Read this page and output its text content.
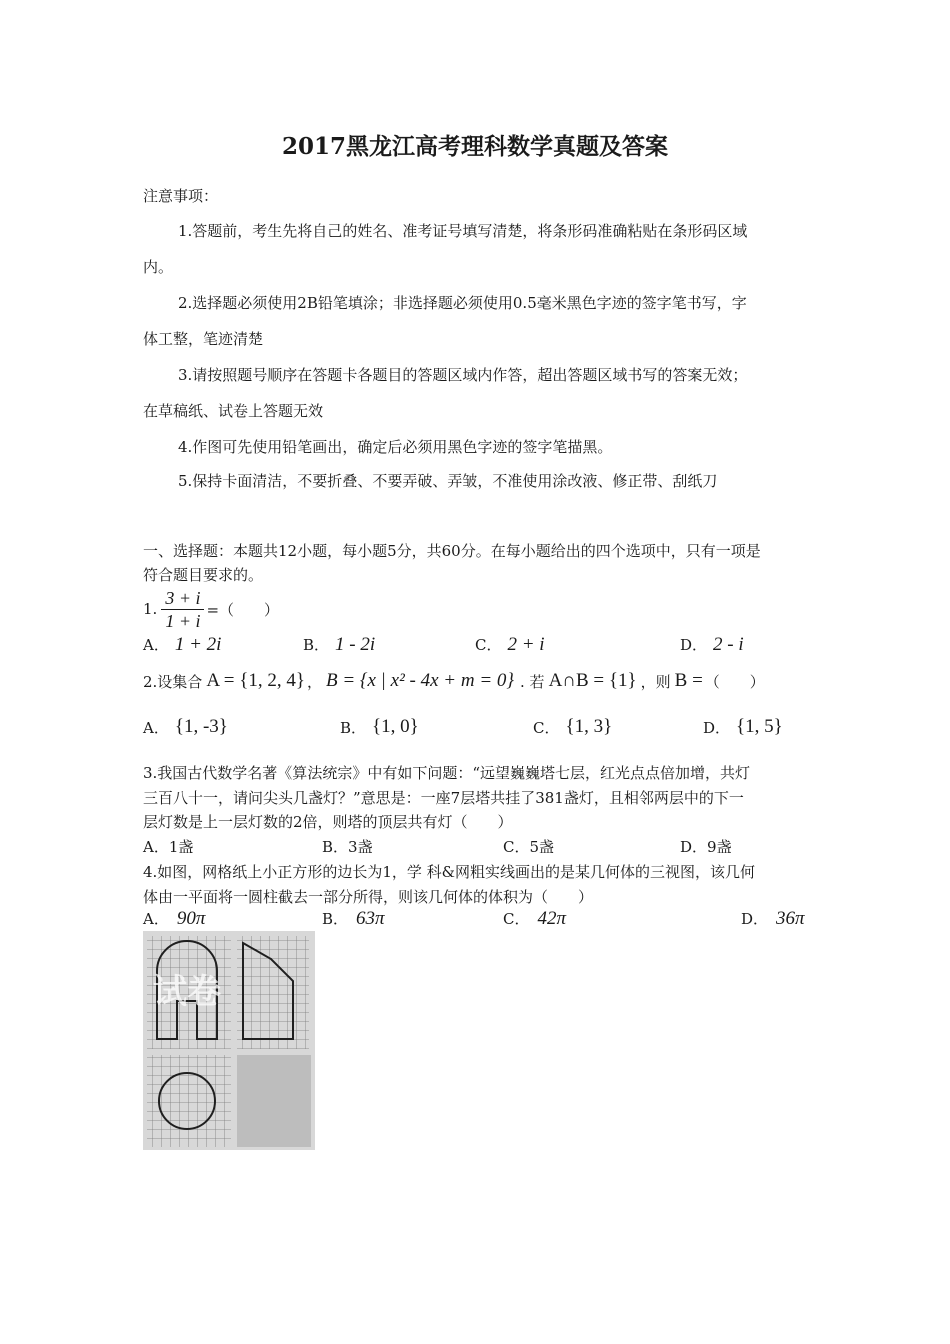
2017黑龙江高考理科数学真题及答案
注意事项：
1.答题前，考生先将自己的姓名、准考证号填写清楚，将条形码准确粘贴在条形码区域
内。
2.选择题必须使用2B铅笔填涂；非选择题必须使用0.5毫米黑色字迹的签字笔书写，字
体工整，笔迹清楚
3.请按照题号顺序在答题卡各题目的答题区域内作答，超出答题区域书写的答案无效；
在草稿纸、试卷上答题无效
4.作图可先使用铅笔画出，确定后必须用黑色字迹的签字笔描黑。
5.保持卡面清洁，不要折叠、不要弄破、弄皱，不准使用涂改液、修正带、刮纸刀
一、选择题：本题共12小题，每小题5分，共60分。在每小题给出的四个选项中，只有一项是
符合题目要求的。
1. $\frac{3 + i}{1 + i}$ =（　　）
A． 1 + 2i	B． 1 - 2i	C． 2 + i	D． 2 - i
2.设集合 A = {1, 2, 4} ， B = {x | x² - 4x + m = 0} . 若 A∩B = {1} ，则 B = （　　）
A． {1, -3}	B． {1, 0}	C． {1, 3}	D． {1, 5}
3.我国古代数学名著《算法统宗》中有如下问题：“远望巍巍塔七层，红光点点倍加增，共灯
三百八十一，请问尖头几盏灯？”意思是：一座7层塔共挂了381盏灯，且相邻两层中的下一
层灯数是上一层灯数的2倍，则塔的顶层共有灯（　　）
A．1盏	B．3盏	C．5盏	D．9盏
4.如图，网格纸上小正方形的边长为1，学 科&网粗实线画出的是某几何体的三视图，该几何
体由一平面将一圆柱截去一部分所得，则该几何体的体积为（　　）
A． 90π	B． 63π	C． 42π	D． 36π
试卷
